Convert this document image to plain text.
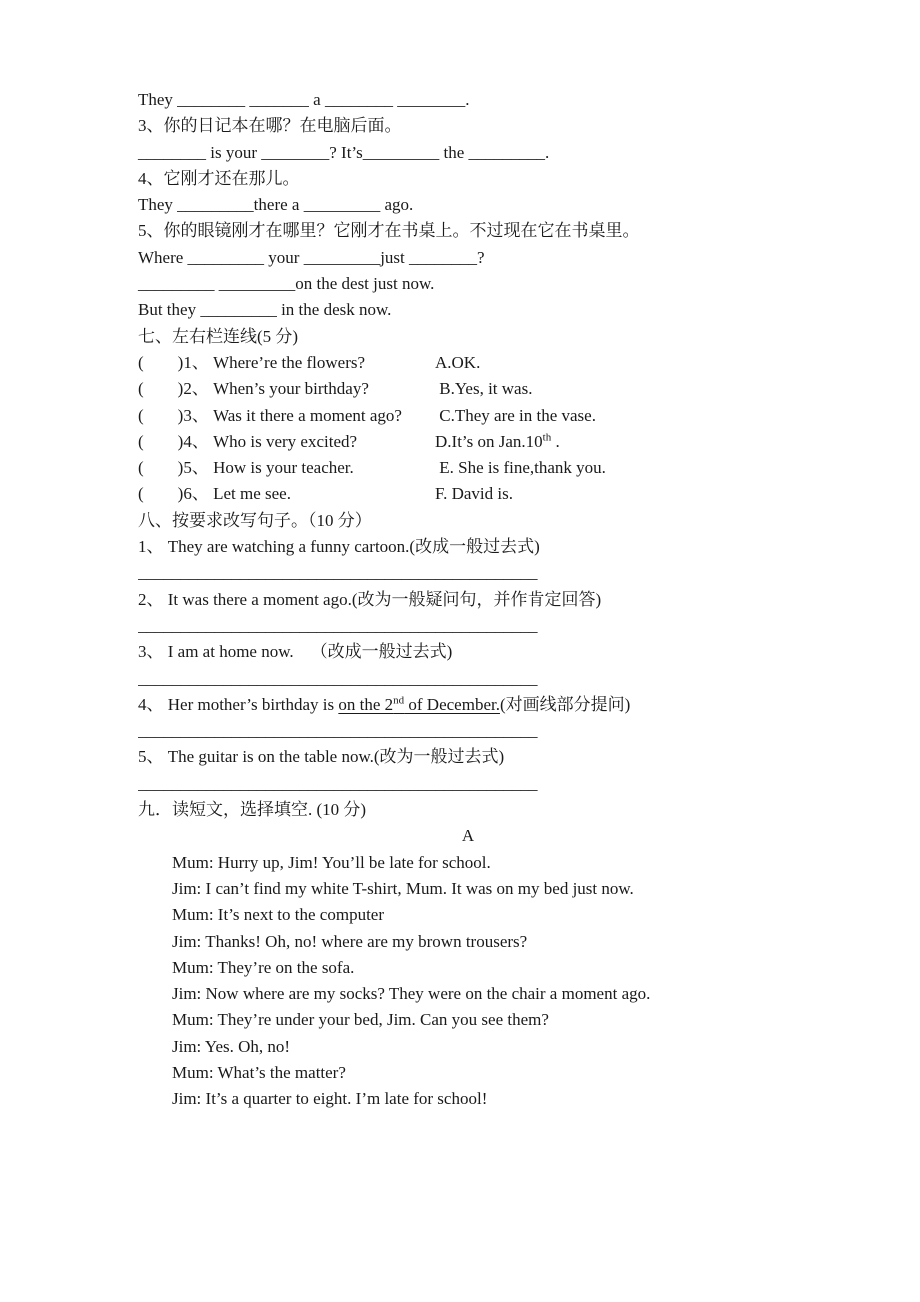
They ________ _______ a ________ ________.
3、你的日记本在哪？在电脑后面。
________ is your ________? It’s_________ the _________.
4、它刚才还在那儿。
They _________there a _________ ago.
5、你的眼镜刚才在哪里？它刚才在书桌上。不过现在它在书桌里。
Where _________ your _________just ________?
_________ _________on the dest just now.
But they _________ in the desk now.
七、左右栏连线(5 分)
(        )1、 Where’re the flowers?	A.OK.
(        )2、 When’s your birthday?	B.Yes, it was.
(        )3、 Was it there a moment ago? C.They are in the vase.
(        )4、 Who is very excited?	D.It’s on Jan.10th .
(        )5、 How is your teacher.	E. She is fine,thank you.
(        )6、 Let me see.	F. David is.
八、按要求改写句子。（10 分）
1、 They are watching a funny cartoon.(改成一般过去式)
_______________________________________________
2、 It was there a moment ago.(改为一般疑问句，并作肯定回答)
_______________________________________________
3、 I am at home now.    （改成一般过去式)
_______________________________________________
4、 Her mother’s birthday is on the 2nd of December.(对画线部分提问)
_______________________________________________
5、 The guitar is on the table now.(改为一般过去式)
_______________________________________________
九．读短文，选择填空. (10 分)
A
Mum: Hurry up, Jim! You’ll be late for school.
Jim: I can’t find my white T-shirt, Mum. It was on my bed just now.
Mum: It’s next to the computer
Jim: Thanks! Oh, no! where are my brown trousers?
Mum: They’re on the sofa.
Jim: Now where are my socks? They were on the chair a moment ago.
Mum: They’re under your bed, Jim. Can you see them?
Jim: Yes. Oh, no!
Mum: What’s the matter?
Jim: It’s a quarter to eight. I’m late for school!
